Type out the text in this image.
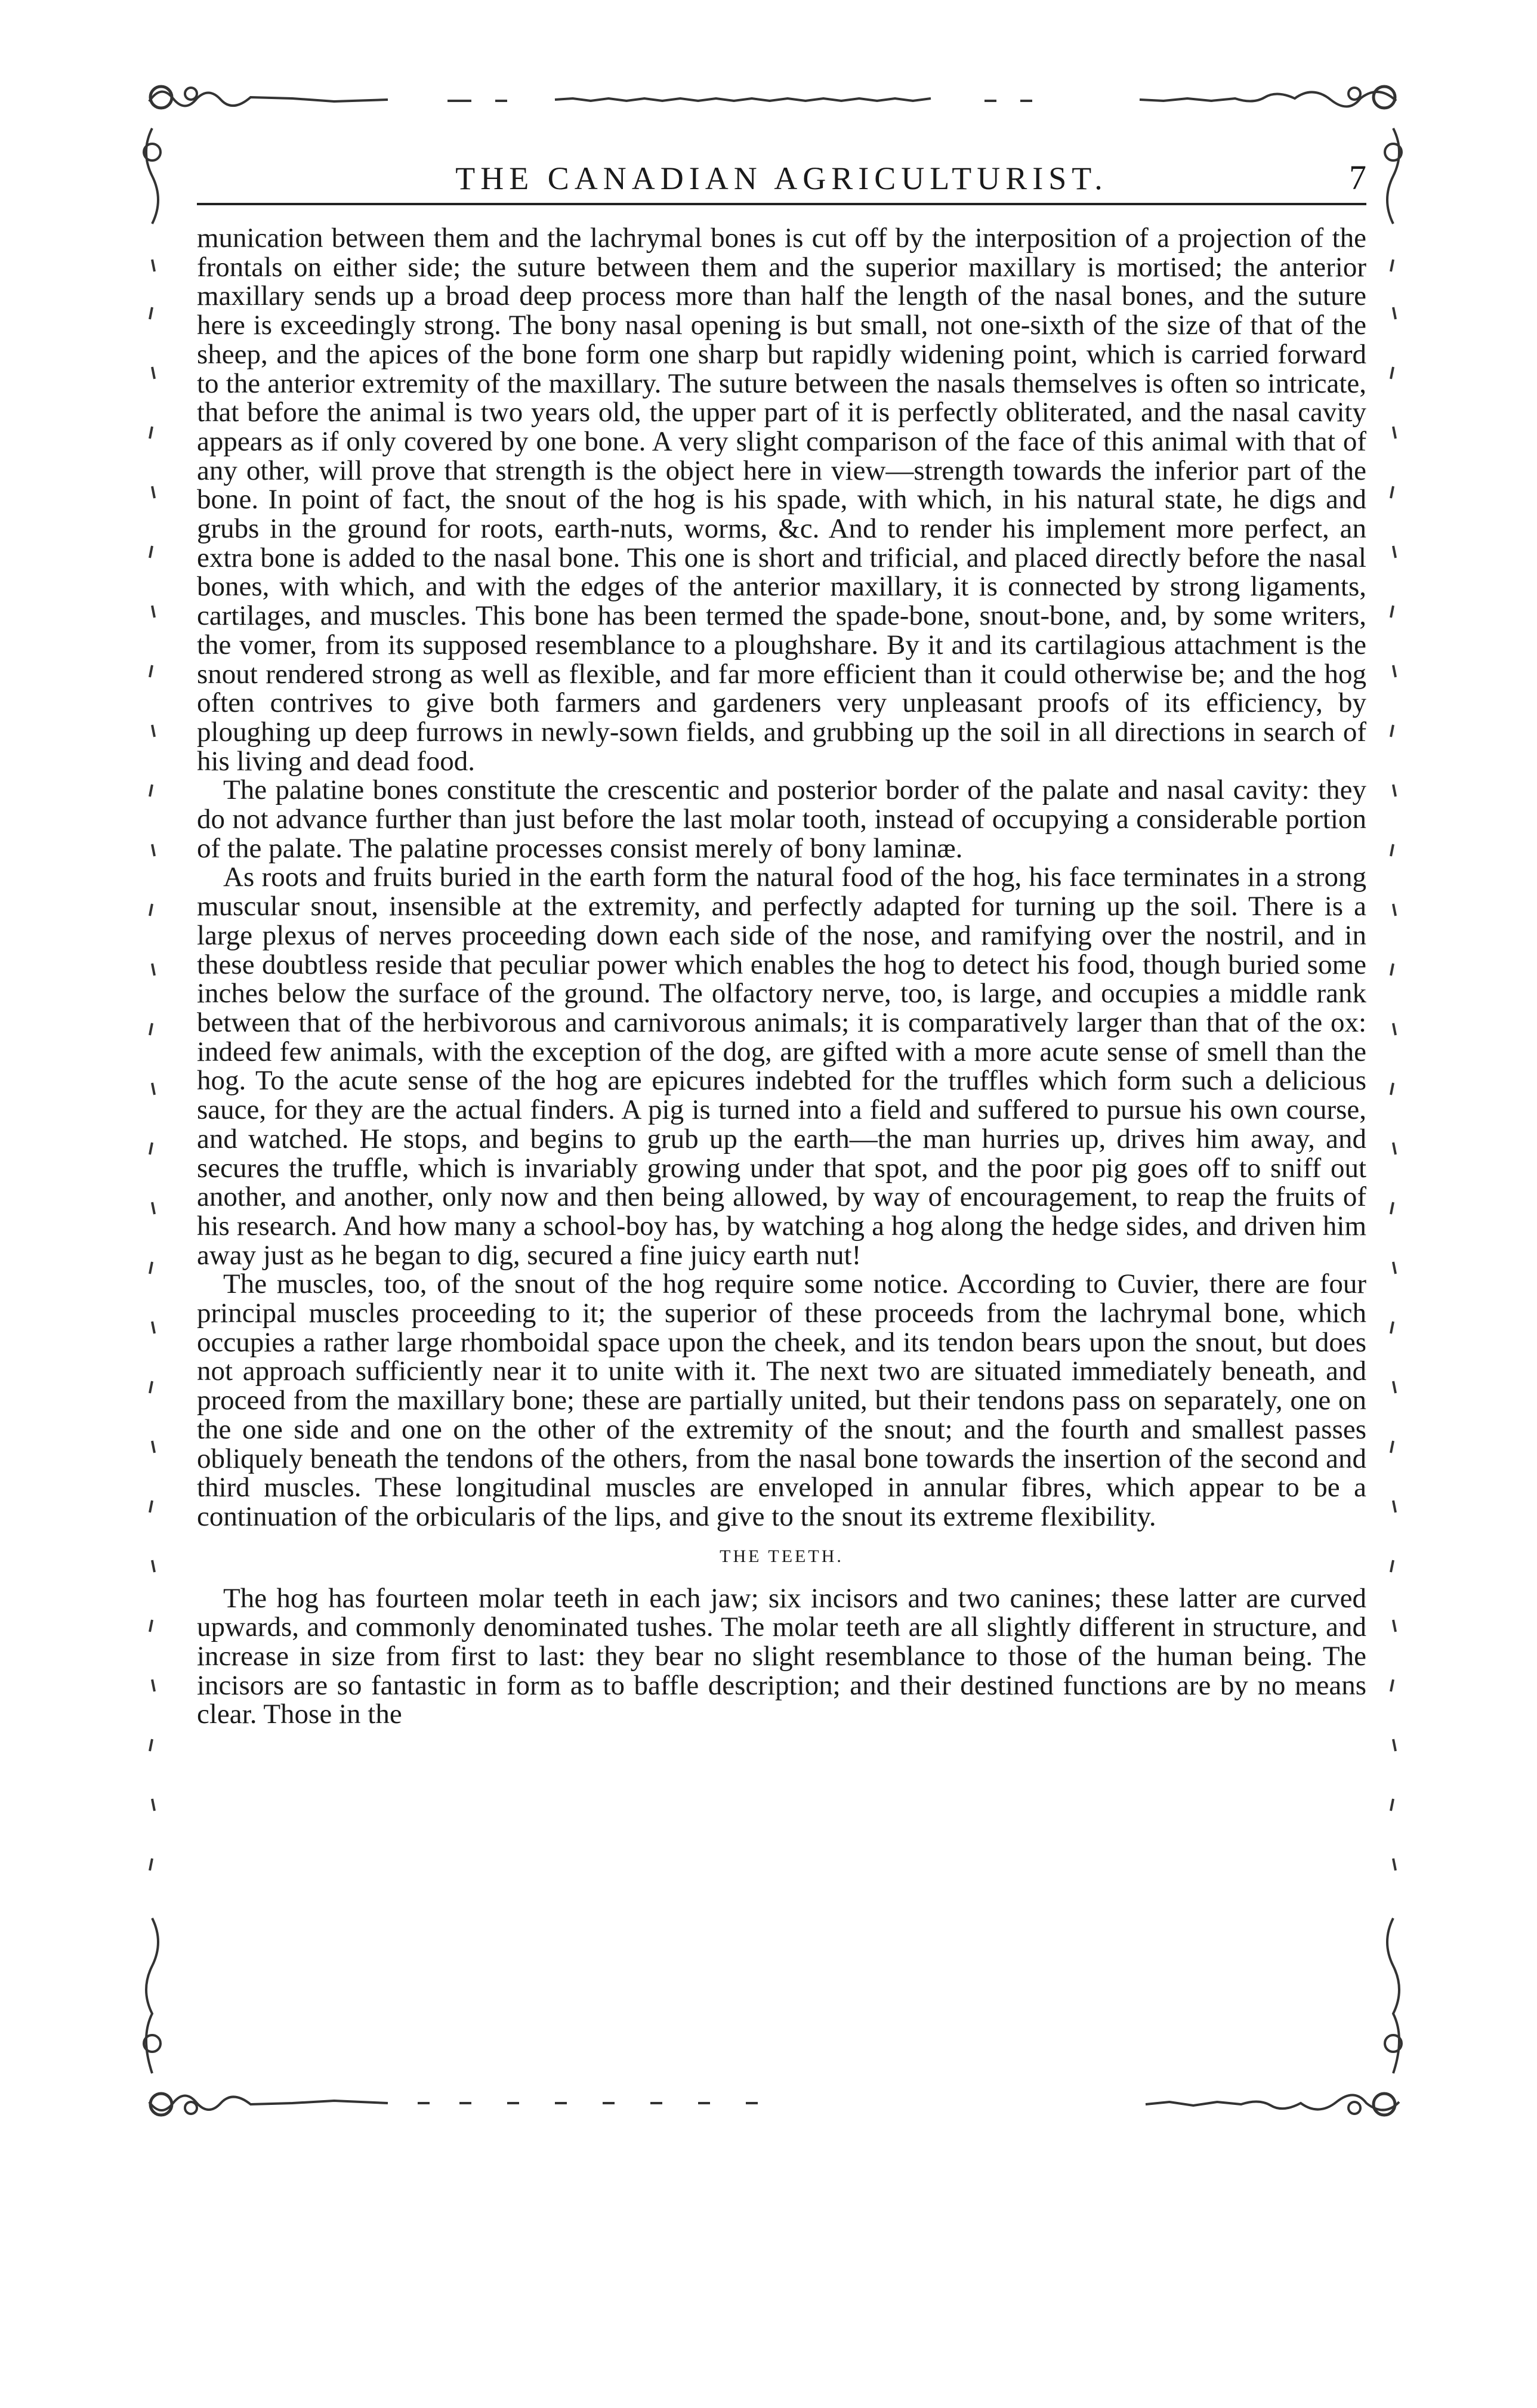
THE CANADIAN AGRICULTURIST.	7

munication between them and the lachrymal bones is cut off by the interposition of a projection of the frontals on either side; the suture between them and the superior maxillary is mortised; the anterior maxillary sends up a broad deep process more than half the length of the nasal bones, and the suture here is exceedingly strong. The bony nasal opening is but small, not one-sixth of the size of that of the sheep, and the apices of the bone form one sharp but rapidly widening point, which is carried forward to the anterior extremity of the maxillary. The suture between the nasals themselves is often so intricate, that before the animal is two years old, the upper part of it is perfectly obliterated, and the nasal cavity appears as if only covered by one bone. A very slight comparison of the face of this animal with that of any other, will prove that strength is the object here in view—strength towards the inferior part of the bone. In point of fact, the snout of the hog is his spade, with which, in his natural state, he digs and grubs in the ground for roots, earth-nuts, worms, &c. And to render his implement more perfect, an extra bone is added to the nasal bone. This one is short and trificial, and placed directly before the nasal bones, with which, and with the edges of the anterior maxillary, it is connected by strong ligaments, cartilages, and muscles. This bone has been termed the spade-bone, snout-bone, and, by some writers, the vomer, from its supposed resemblance to a ploughshare. By it and its cartilagious attachment is the snout rendered strong as well as flexible, and far more efficient than it could otherwise be; and the hog often contrives to give both farmers and gardeners very unpleasant proofs of its efficiency, by ploughing up deep furrows in newly-sown fields, and grubbing up the soil in all directions in search of his living and dead food.

The palatine bones constitute the crescentic and posterior border of the palate and nasal cavity: they do not advance further than just before the last molar tooth, instead of occupying a considerable portion of the palate. The palatine processes consist merely of bony laminæ.

As roots and fruits buried in the earth form the natural food of the hog, his face terminates in a strong muscular snout, insensible at the extremity, and perfectly adapted for turning up the soil. There is a large plexus of nerves proceeding down each side of the nose, and ramifying over the nostril, and in these doubtless reside that peculiar power which enables the hog to detect his food, though buried some inches below the surface of the ground. The olfactory nerve, too, is large, and occupies a middle rank between that of the herbivorous and carnivorous animals; it is comparatively larger than that of the ox: indeed few animals, with the exception of the dog, are gifted with a more acute sense of smell than the hog. To the acute sense of the hog are epicures indebted for the truffles which form such a delicious sauce, for they are the actual finders. A pig is turned into a field and suffered to pursue his own course, and watched. He stops, and begins to grub up the earth—the man hurries up, drives him away, and secures the truffle, which is invariably growing under that spot, and the poor pig goes off to sniff out another, and another, only now and then being allowed, by way of encouragement, to reap the fruits of his research. And how many a school-boy has, by watching a hog along the hedge sides, and driven him away just as he began to dig, secured a fine juicy earth nut!

The muscles, too, of the snout of the hog require some notice. According to Cuvier, there are four principal muscles proceeding to it; the superior of these proceeds from the lachrymal bone, which occupies a rather large rhomboidal space upon the cheek, and its tendon bears upon the snout, but does not approach sufficiently near it to unite with it. The next two are situated immediately beneath, and proceed from the maxillary bone; these are partially united, but their tendons pass on separately, one on the one side and one on the other of the extremity of the snout; and the fourth and smallest passes obliquely beneath the tendons of the others, from the nasal bone towards the insertion of the second and third muscles. These longitudinal muscles are enveloped in annular fibres, which appear to be a continuation of the orbicularis of the lips, and give to the snout its extreme flexibility.

THE TEETH.

The hog has fourteen molar teeth in each jaw; six incisors and two canines; these latter are curved upwards, and commonly denominated tushes. The molar teeth are all slightly different in structure, and increase in size from first to last: they bear no slight resemblance to those of the human being. The incisors are so fantastic in form as to baffle description; and their destined functions are by no means clear. Those in the
